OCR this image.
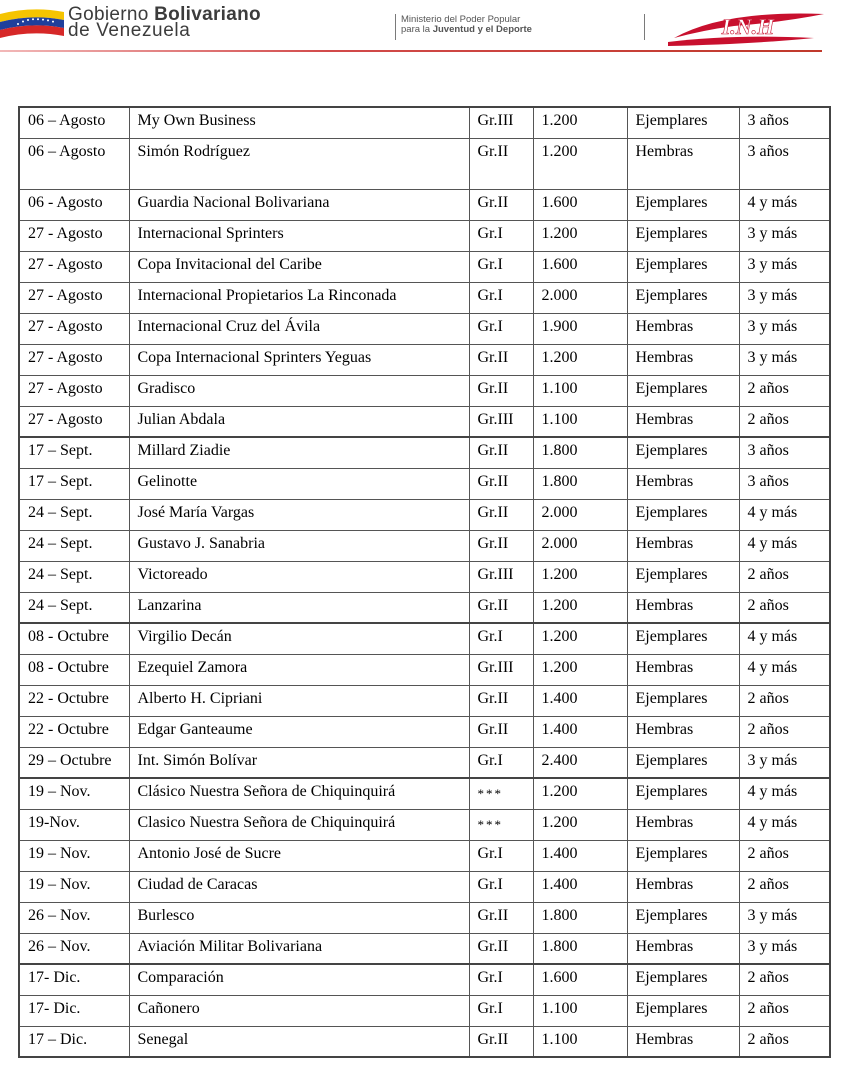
Gobierno Bolivariano
de Venezuela
Ministerio del Poder Popular
para la Juventud y el Deporte	I.N.H
06 – Agosto	My Own Business	Gr.III	1.200	Ejemplares	3 años
06 – Agosto	Simón Rodríguez	Gr.II	1.200	Hembras	3 años
06 - Agosto	Guardia Nacional Bolivariana	Gr.II	1.600	Ejemplares	4 y más
27 - Agosto	Internacional Sprinters	Gr.I	1.200	Ejemplares	3 y más
27 - Agosto	Copa Invitacional del Caribe	Gr.I	1.600	Ejemplares	3 y más
27 - Agosto	Internacional Propietarios La Rinconada	Gr.I	2.000	Ejemplares	3 y más
27 - Agosto	Internacional Cruz del Ávila	Gr.I	1.900	Hembras	3 y más
27 - Agosto	Copa Internacional Sprinters Yeguas	Gr.II	1.200	Hembras	3 y más
27 - Agosto	Gradisco	Gr.II	1.100	Ejemplares	2 años
27 - Agosto	Julian Abdala	Gr.III	1.100	Hembras	2 años
17 – Sept.	Millard Ziadie	Gr.II	1.800	Ejemplares	3 años
17 – Sept.	Gelinotte	Gr.II	1.800	Hembras	3 años
24 – Sept.	José María Vargas	Gr.II	2.000	Ejemplares	4 y más
24 – Sept.	Gustavo J. Sanabria	Gr.II	2.000	Hembras	4 y más
24 – Sept.	Victoreado	Gr.III	1.200	Ejemplares	2 años
24 – Sept.	Lanzarina	Gr.II	1.200	Hembras	2 años
08 - Octubre	Virgilio Decán	Gr.I	1.200	Ejemplares	4 y más
08 - Octubre	Ezequiel Zamora	Gr.III	1.200	Hembras	4 y más
22 - Octubre	Alberto H. Cipriani	Gr.II	1.400	Ejemplares	2 años
22 - Octubre	Edgar Ganteaume	Gr.II	1.400	Hembras	2 años
29 – Octubre	Int. Simón Bolívar	Gr.I	2.400	Ejemplares	3 y más
19 – Nov.	Clásico Nuestra Señora de Chiquinquirá	***	1.200	Ejemplares	4 y más
19-Nov.	Clasico Nuestra Señora de Chiquinquirá	***	1.200	Hembras	4 y más
19 – Nov.	Antonio José de Sucre	Gr.I	1.400	Ejemplares	2 años
19 – Nov.	Ciudad de Caracas	Gr.I	1.400	Hembras	2 años
26 – Nov.	Burlesco	Gr.II	1.800	Ejemplares	3 y más
26 – Nov.	Aviación Militar Bolivariana	Gr.II	1.800	Hembras	3 y más
17- Dic.	Comparación	Gr.I	1.600	Ejemplares	2 años
17- Dic.	Cañonero	Gr.I	1.100	Ejemplares	2 años
17 – Dic.	Senegal	Gr.II	1.100	Hembras	2 años
